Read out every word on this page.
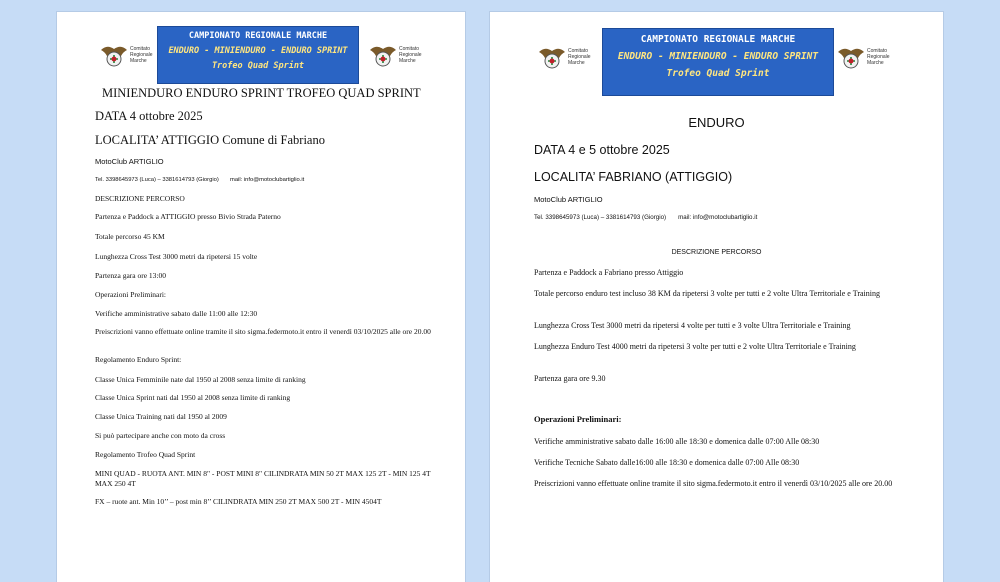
Comitato Regionale Marche
CAMPIONATO REGIONALE MARCHE
ENDURO - MINIENDURO - ENDURO SPRINT
Trofeo Quad Sprint
Comitato Regionale Marche
MINIENDURO ENDURO SPRINT TROFEO QUAD SPRINT
DATA 4 ottobre 2025
LOCALITA’ ATTIGGIO Comune di Fabriano
MotoClub ARTIGLIO
Tel. 3398645973 (Luca) – 3381614793 (Giorgio)       mail: info@motoclubartiglio.it
DESCRIZIONE PERCORSO
Partenza e Paddock a ATTIGGIO presso Bivio Strada Paterno
Totale percorso 45 KM
Lunghezza Cross Test 3000 metri da ripetersi 15 volte
Partenza gara ore 13:00
Operazioni Preliminari:
Verifiche amministrative sabato dalle 11:00 alle 12:30
Preiscrizioni vanno effettuate online tramite il sito sigma.federmoto.it entro il venerdì 03/10/2025 alle ore 20.00
Regolamento Enduro Sprint:
Classe Unica Femminile nate dal 1950 al 2008 senza limite di ranking
Classe Unica Sprint nati dal 1950 al 2008 senza limite di ranking
Classe Unica Training nati dal 1950 al 2009
Si può partecipare anche con moto da cross
Regolamento Trofeo Quad Sprint
MINI QUAD - RUOTA ANT. MIN 8" - POST MINI 8" CILINDRATA MIN 50 2T MAX 125 2T - MIN 125 4T MAX 250 4T
FX – ruote ant. Min 10’’ – post min 8’’ CILINDRATA MIN 250 2T MAX 500 2T - MIN 4504T
Comitato Regionale Marche
CAMPIONATO REGIONALE MARCHE
ENDURO - MINIENDURO - ENDURO SPRINT
Trofeo Quad Sprint
Comitato Regionale Marche
ENDURO
DATA 4 e 5 ottobre 2025
LOCALITA’ FABRIANO (ATTIGGIO)
MotoClub ARTIGLIO
Tel. 3398645973 (Luca) – 3381614793 (Giorgio)       mail: info@motoclubartiglio.it
DESCRIZIONE PERCORSO
Partenza e Paddock a Fabriano presso Attiggio
Totale percorso enduro test incluso 38 KM da ripetersi 3 volte per tutti e 2 volte Ultra Territoriale e Training
Lunghezza Cross Test 3000 metri da ripetersi 4 volte per tutti e 3 volte Ultra Territoriale e Training
Lunghezza Enduro Test 4000 metri da ripetersi 3 volte per tutti e 2 volte Ultra Territoriale e Training
Partenza gara ore 9.30
Operazioni Preliminari:
Verifiche amministrative sabato dalle 16:00 alle 18:30 e domenica dalle 07:00 Alle 08:30
Verifiche Tecniche Sabato dalle16:00 alle 18:30 e domenica dalle 07:00 Alle 08:30
Preiscrizioni vanno effettuate online tramite il sito sigma.federmoto.it entro il venerdì 03/10/2025 alle ore 20.00
